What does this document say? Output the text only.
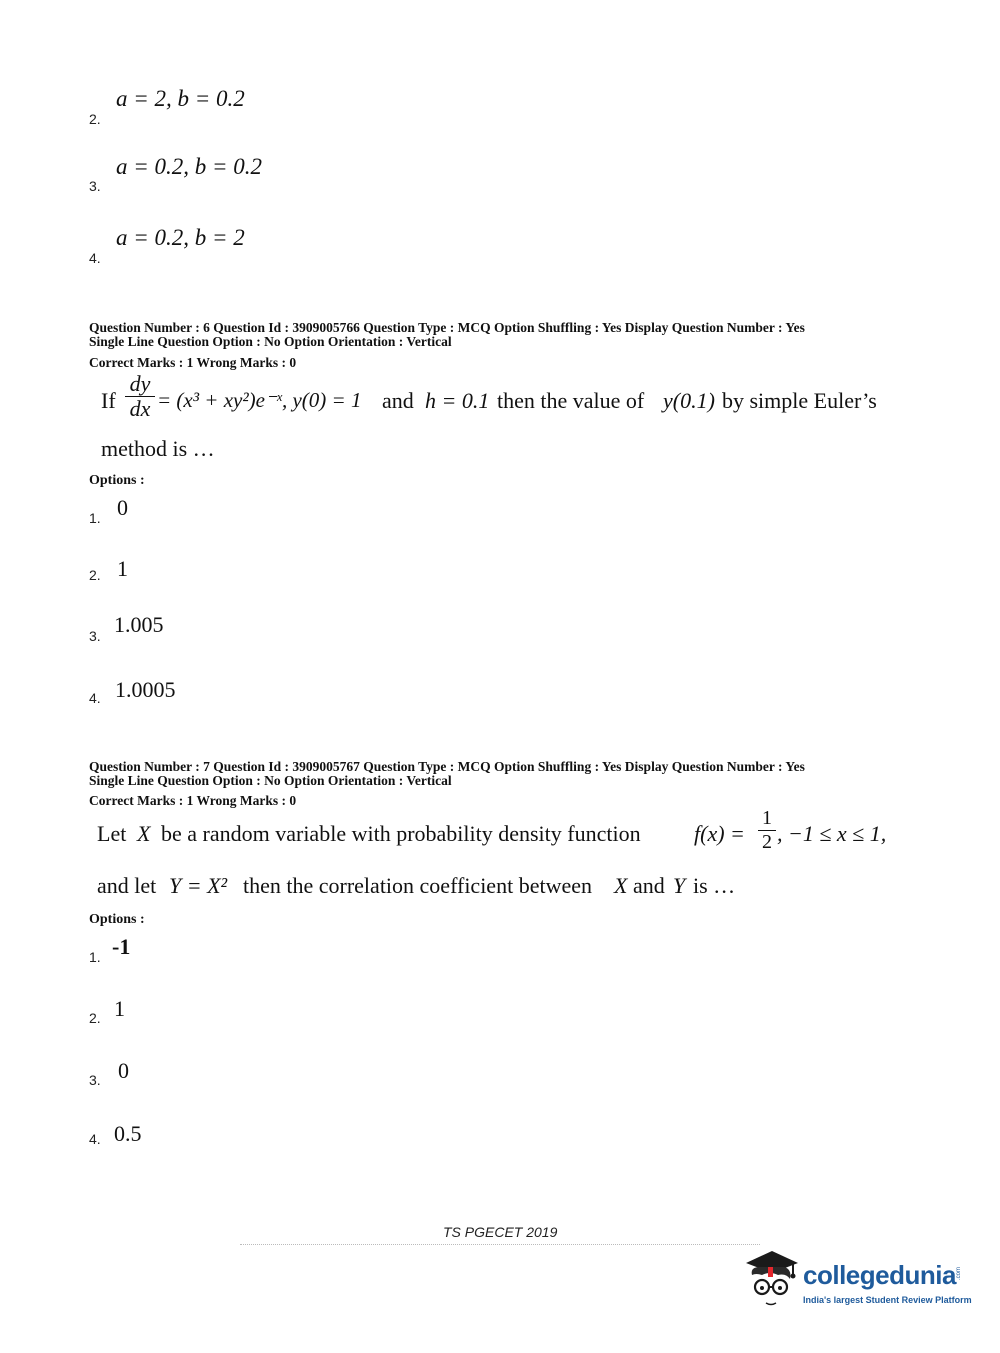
2.
a = 2, b = 0.2
3.
a = 0.2, b = 0.2
4.
a = 0.2, b = 2
Question Number : 6 Question Id : 3909005766 Question Type : MCQ Option Shuffling : Yes Display Question Number : Yes
Single Line Question Option : No Option Orientation : Vertical
Correct Marks : 1 Wrong Marks : 0
If $\frac{dy}{dx} = (x^3$ + xy²)e⁻ˣ, y(0) = 1 and h = 0.1 then the value of y(0.1) by simple Euler’s
method is …
Options :
1. 0
2. 1
3. 1.005
4. 1.0005
Question Number : 7 Question Id : 3909005767 Question Type : MCQ Option Shuffling : Yes Display Question Number : Yes
Single Line Question Option : No Option Orientation : Vertical
Correct Marks : 1 Wrong Marks : 0
Let X be a random variable with probability density function $f(x) = \frac{1}{2}$ , −1 ≤ x ≤ 1,
and let Y = X² then the correlation coefficient between X and Y is …
Options :
1. -1
2. 1
3. 0
4. 0.5
TS PGECET 2019
collegedunia .com
India's largest Student Review Platform
